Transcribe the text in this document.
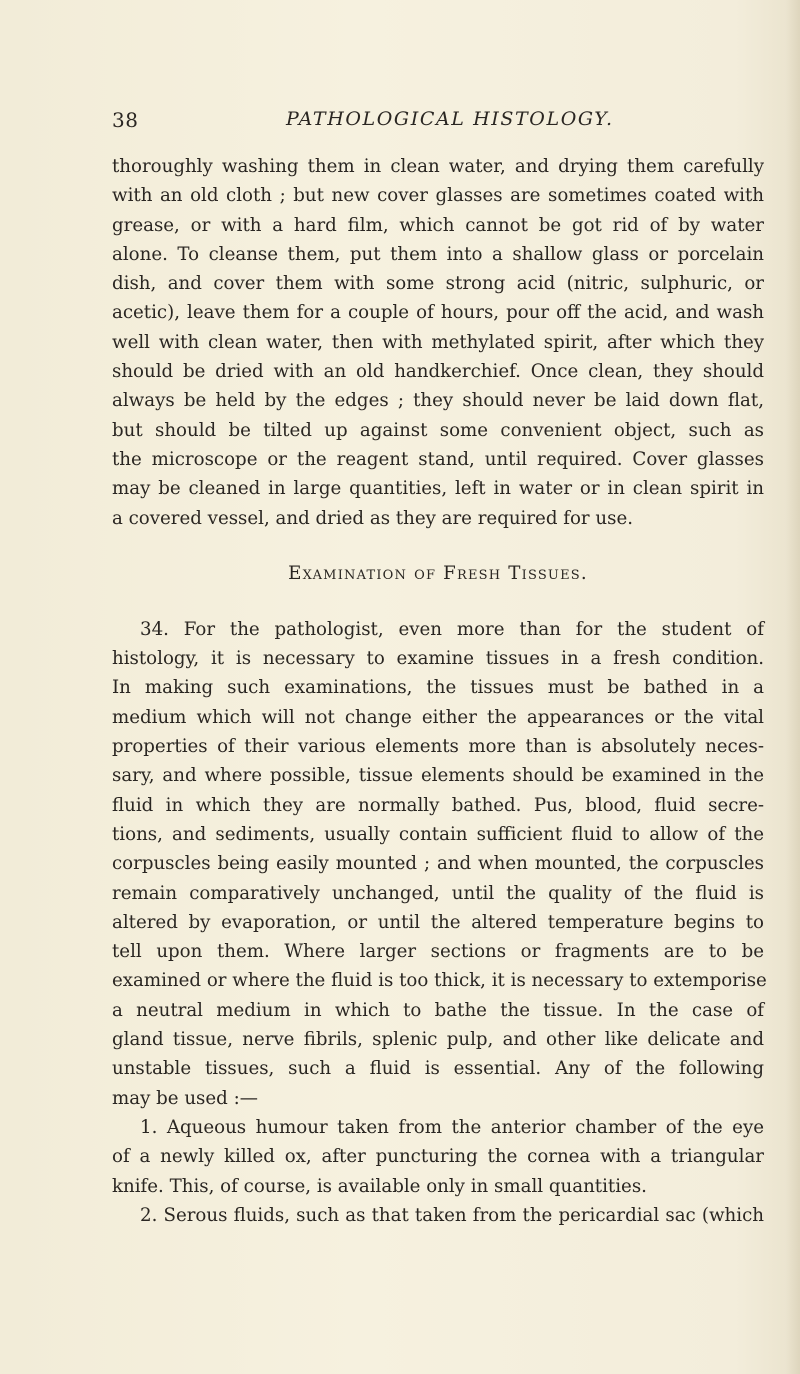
38	PATHOLOGICAL HISTOLOGY.
thoroughly washing them in clean water, and drying them carefully
with an old cloth ; but new cover glasses are sometimes coated with
grease, or with a hard film, which cannot be got rid of by water
alone. To cleanse them, put them into a shallow glass or porcelain
dish, and cover them with some strong acid (nitric, sulphuric, or
acetic), leave them for a couple of hours, pour off the acid, and wash
well with clean water, then with methylated spirit, after which they
should be dried with an old handkerchief. Once clean, they should
always be held by the edges ; they should never be laid down flat,
but should be tilted up against some convenient object, such as
the microscope or the reagent stand, until required. Cover glasses
may be cleaned in large quantities, left in water or in clean spirit in
a covered vessel, and dried as they are required for use.
Examination of Fresh Tissues.
34. For the pathologist, even more than for the student of
histology, it is necessary to examine tissues in a fresh condition.
In making such examinations, the tissues must be bathed in a
medium which will not change either the appearances or the vital
properties of their various elements more than is absolutely neces-
sary, and where possible, tissue elements should be examined in the
fluid in which they are normally bathed. Pus, blood, fluid secre-
tions, and sediments, usually contain sufficient fluid to allow of the
corpuscles being easily mounted ; and when mounted, the corpuscles
remain comparatively unchanged, until the quality of the fluid is
altered by evaporation, or until the altered temperature begins to
tell upon them. Where larger sections or fragments are to be
examined or where the fluid is too thick, it is necessary to extemporise
a neutral medium in which to bathe the tissue. In the case of
gland tissue, nerve fibrils, splenic pulp, and other like delicate and
unstable tissues, such a fluid is essential. Any of the following
may be used :—
1. Aqueous humour taken from the anterior chamber of the eye
of a newly killed ox, after puncturing the cornea with a triangular
knife. This, of course, is available only in small quantities.
2. Serous fluids, such as that taken from the pericardial sac (which
